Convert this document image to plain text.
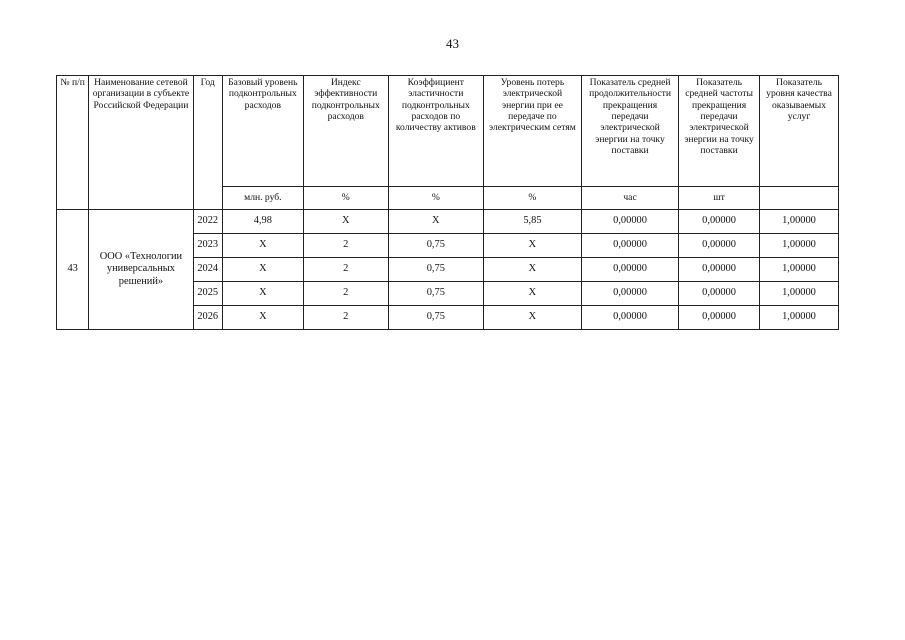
43
№ п/п	Наименование сетевой организации в субъекте Российской Федерации	Год	Базовый уровень подконтрольных расходов	Индекс эффективности подконтрольных расходов	Коэффициент эластичности подконтрольных расходов по количеству активов	Уровень потерь электрической энергии при ее передаче по электрическим сетям	Показатель средней продолжительности прекращения передачи электрической энергии на точку поставки	Показатель средней частоты прекращения передачи электрической энергии на точку поставки	Показатель уровня качества оказываемых услуг
			млн. руб.	%	%	%	час	шт	
43	ООО «Технологии универсальных решений»	2022	4,98	Х	Х	5,85	0,00000	0,00000	1,00000
		2023	Х	2	0,75	Х	0,00000	0,00000	1,00000
		2024	Х	2	0,75	Х	0,00000	0,00000	1,00000
		2025	Х	2	0,75	Х	0,00000	0,00000	1,00000
		2026	Х	2	0,75	Х	0,00000	0,00000	1,00000
